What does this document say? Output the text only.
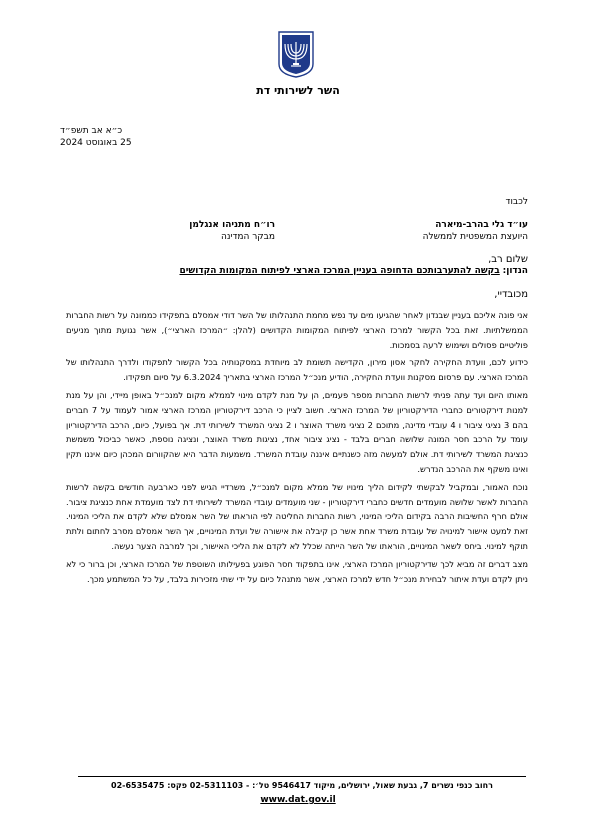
השר לשירותי דת
כ״א אב תשפ״ד
25 באוגוסט 2024
לכבוד
עו״ד גלי בהרב-מיארה
היועצת המשפטית לממשלה
רו״ח מתניהו אנגלמן
מבקר המדינה
שלום רב,
הנדון: בקשה להתערבותכם הדחופה בעניין המרכז הארצי לפיתוח המקומות הקדושים
מכובדיי,

אני פונה אליכם בעניין שבנדון לאחר שהגיעו מים עד נפש מחמת התנהלותו של השר דודי אמסלם בתפקידו כממונה על רשות החברות הממשלתיות. זאת בכל הקשור למרכז הארצי לפיתוח המקומות הקדושים (להלן: ״המרכז הארצי״), אשר נגועת מתוך מניעים פוליטיים פסולים ושימוש לרעה בסמכות.

כידוע לכם, וועדת החקירה לחקר אסון מירון, הקדישה תשומת לב מיוחדת במסקנותיה בכל הקשור לתפקודו ולדרך התנהלותו של המרכז הארצי. עם פרסום מסקנות וועדת החקירה, הודיע מנכ״ל המרכז הארצי בתאריך 6.3.2024 על סיום תפקידו.

מאותו היום ועד עתה פניתי לרשות החברות מספר פעמים, הן על מנת לקדם מינוי לממלא מקום למנכ״ל באופן מיידי, והן על מנת למנות דירקטורים כחברי הדירקטוריון של המרכז הארצי. חשוב לציין כי הרכב דירקטוריון המרכז הארצי אמור לעמוד על 7 חברים בהם 3 נציגי ציבור ו 4 עובדי מדינה, מתוכם 2 נציגי משרד האוצר ו 2 נציגי המשרד לשירותי דת. אך בפועל, כיום, הרכב הדירקטוריון עומד על הרכב חסר המונה שלושה חברים בלבד - נציג ציבור אחד, נציגות משרד האוצר, ונציגה נוספת, כאשר כביכול משמשת כנציגת המשרד לשירותי דת. אולם למעשה מזה כשנתיים איננה עובדת המשרד. משמעות הדבר היא שהקוורום המכהן כיום איננו תקין ואינו משקף את ההרכב הנדרש.

נוכח האמור, ובמקביל לבקשתי לקידום הליך מינויו של ממלא מקום למנכ״ל, משרדיי הגיש לפני כארבעה חודשים בקשה לרשות החברות לאשר שלושה מועמדים חדשים כחברי דירקטוריון - שני מועמדים עובדי המשרד לשירותי דת לצד מועמדת אחת כנציגת ציבור. אולם חרף החשיבות הרבה בקידום הליכי המינוי, רשות החברות החליטה לפי הוראתו של השר אמסלם שלא לקדם את הליכי המינוי. זאת למעט אישור למינויה של עובדת משרד אחת אשר כן קיבלה את אישורה של ועדת המינויים, אך השר אמסלם מסרב לחתום ולתת תוקף למינוי. ביחס לשאר המינויים, הוראתו של השר הייתה שכלל לא לקדם את הליכי האישור, וכך למרבה הצער נעשה.

מצב דברים זה מביא לכך שדירקטוריון המרכז הארצי, אינו בתפקוד חסר הפוגע בפעילותו השוטפת של המרכז הארצי, וכן ברור כי לא ניתן לקדם ועדת איתור לבחירת מנכ״ל חדש למרכז הארצי, אשר מתנהל כיום על ידי שתי מזכירות בלבד, על כל המשתמע מכך.

רחוב כנפי נשרים 7, גבעת שאול, ירושלים, מיקוד 9546417 טל׳: - 02-5311103 פקס: 02-6535475
www.dat.gov.il
